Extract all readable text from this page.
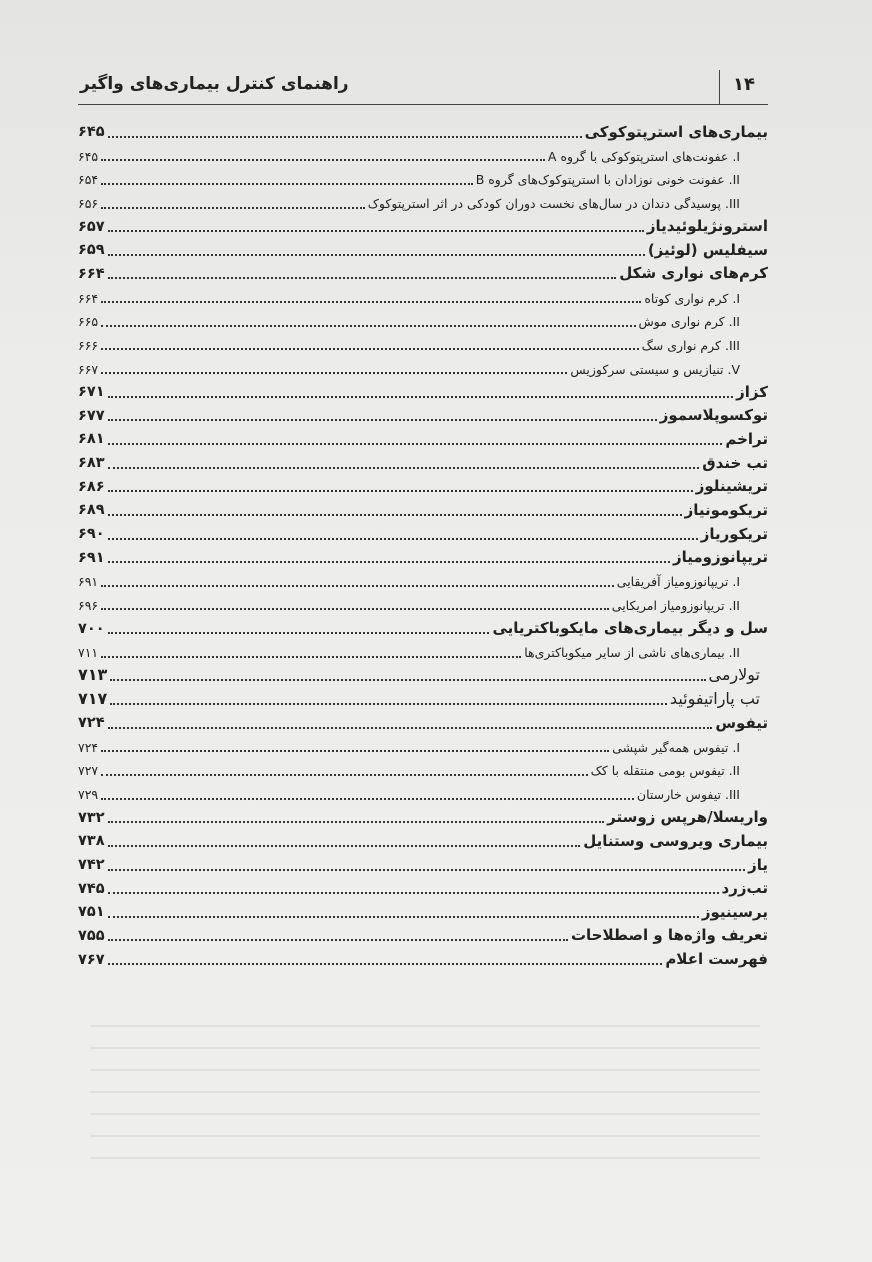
۱۴
راهنمای کنترل بیماری‌های واگیر
بیماری‌های استرپتوکوکی
۶۴۵
I. عفونت‌های استرپتوکوکی با گروه A
۶۴۵
II. عفونت خونی نوزادان با استرپتوکوک‌های گروه B
۶۵۴
III. پوسیدگی دندان در سال‌های نخست دوران کودکی در اثر استرپتوکوک
۶۵۶
استرونژیلوئیدیاز
۶۵۷
سیفلیس (لوئیز)
۶۵۹
کرم‌های نواری شکل
۶۶۴
I. کرم نواری کوتاه
۶۶۴
II. کرم نواری موش
۶۶۵
III. کرم نواری سگ
۶۶۶
V. تنیازیس و سیستی سرکوزیس
۶۶۷
کزاز
۶۷۱
توکسوپلاسموز
۶۷۷
تراخم
۶۸۱
تب خندق
۶۸۳
تریشینلوز
۶۸۶
تریکومونیاز
۶۸۹
تریکوریاز
۶۹۰
تریپانوزومیاز
۶۹۱
I. تریپانوزومیاز آفریقایی
۶۹۱
II. تریپانوزومیاز امریکایی
۶۹۶
سل و دیگر بیماری‌های مایکوباکتریایی
۷۰۰
II. بیماری‌های ناشی از سایر میکوباکتری‌ها
۷۱۱
تولارمی
۷۱۳
تب پاراتیفوئید
۷۱۷
تیفوس
۷۲۴
I. تیفوس همه‌گیر شپشی
۷۲۴
II. تیفوس بومی منتقله با کک
۷۲۷
III. تیفوس خارستان
۷۲۹
واریسلا/هرپس زوستر
۷۳۲
بیماری ویروسی وستنایل
۷۳۸
یاز
۷۴۲
تب‌زرد
۷۴۵
یرسینیوز
۷۵۱
تعریف واژه‌ها و اصطلاحات
۷۵۵
فهرست اعلام
۷۶۷
